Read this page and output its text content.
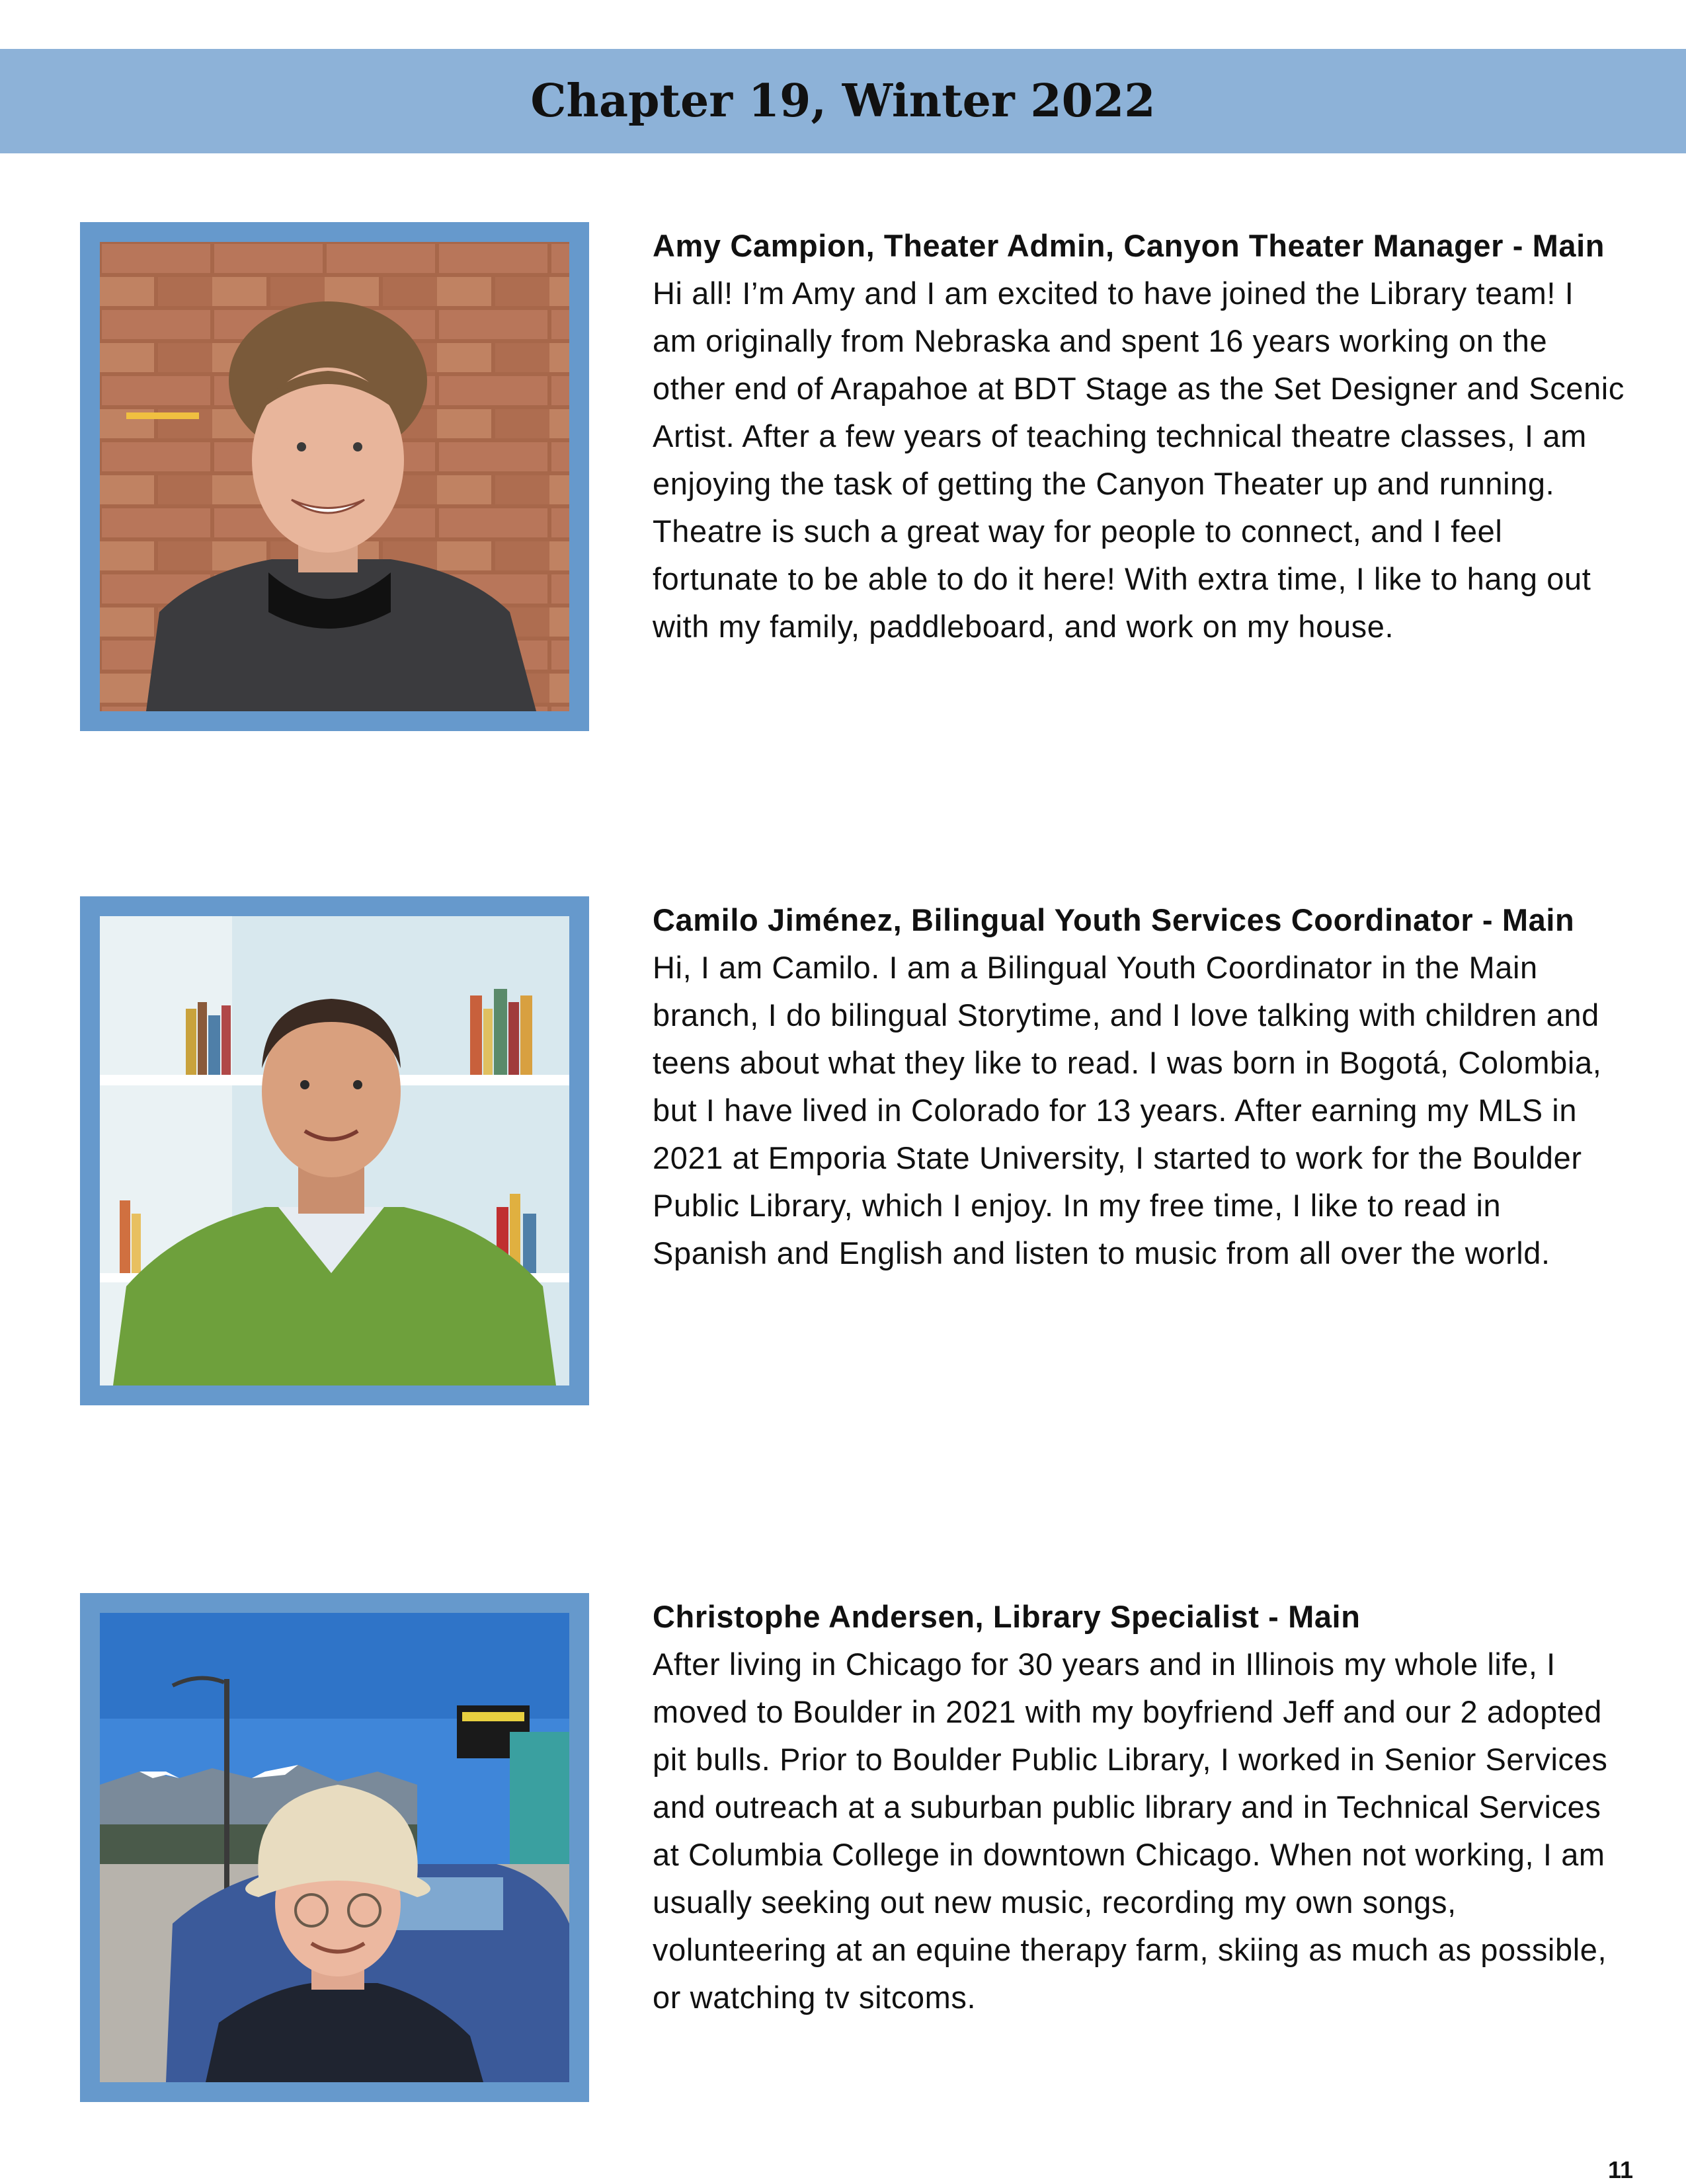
Chapter 19, Winter 2022
Amy Campion, Theater Admin, Canyon Theater Manager - Main

Hi all! I’m Amy and I am excited to have joined the Library team! I am originally from Nebraska and spent 16 years working on the other end of Arapahoe at BDT Stage as the Set Designer and Scenic Artist. After a few years of teaching technical theatre classes, I am enjoying the task of getting the Canyon Theater up and running. Theatre is such a great way for people to connect, and I feel fortunate to be able to do it here! With extra time, I like to hang out with my family, paddleboard, and work on my house.

Camilo Jiménez, Bilingual Youth Services Coordinator - Main

Hi, I am Camilo. I am a Bilingual Youth Coordinator in the Main branch, I do bilingual Storytime, and I love talking with children and teens about what they like to read. I was born in Bogotá, Colombia, but I have lived in Colorado for 13 years. After earning my MLS in 2021 at Emporia State University, I started to work for the Boulder Public Library, which I enjoy. In my free time, I like to read in Spanish and English and listen to music from all over the world.

Christophe Andersen, Library Specialist - Main

After living in Chicago for 30 years and in Illinois my whole life, I moved to Boulder in 2021 with my boyfriend Jeff and our 2 adopted pit bulls. Prior to Boulder Public Library, I worked in Senior Services and outreach at a suburban public library and in Technical Services at Columbia College in downtown Chicago. When not working, I am usually seeking out new music, recording my own songs, volunteering at an equine therapy farm, skiing as much as possible, or watching tv sitcoms.

11
